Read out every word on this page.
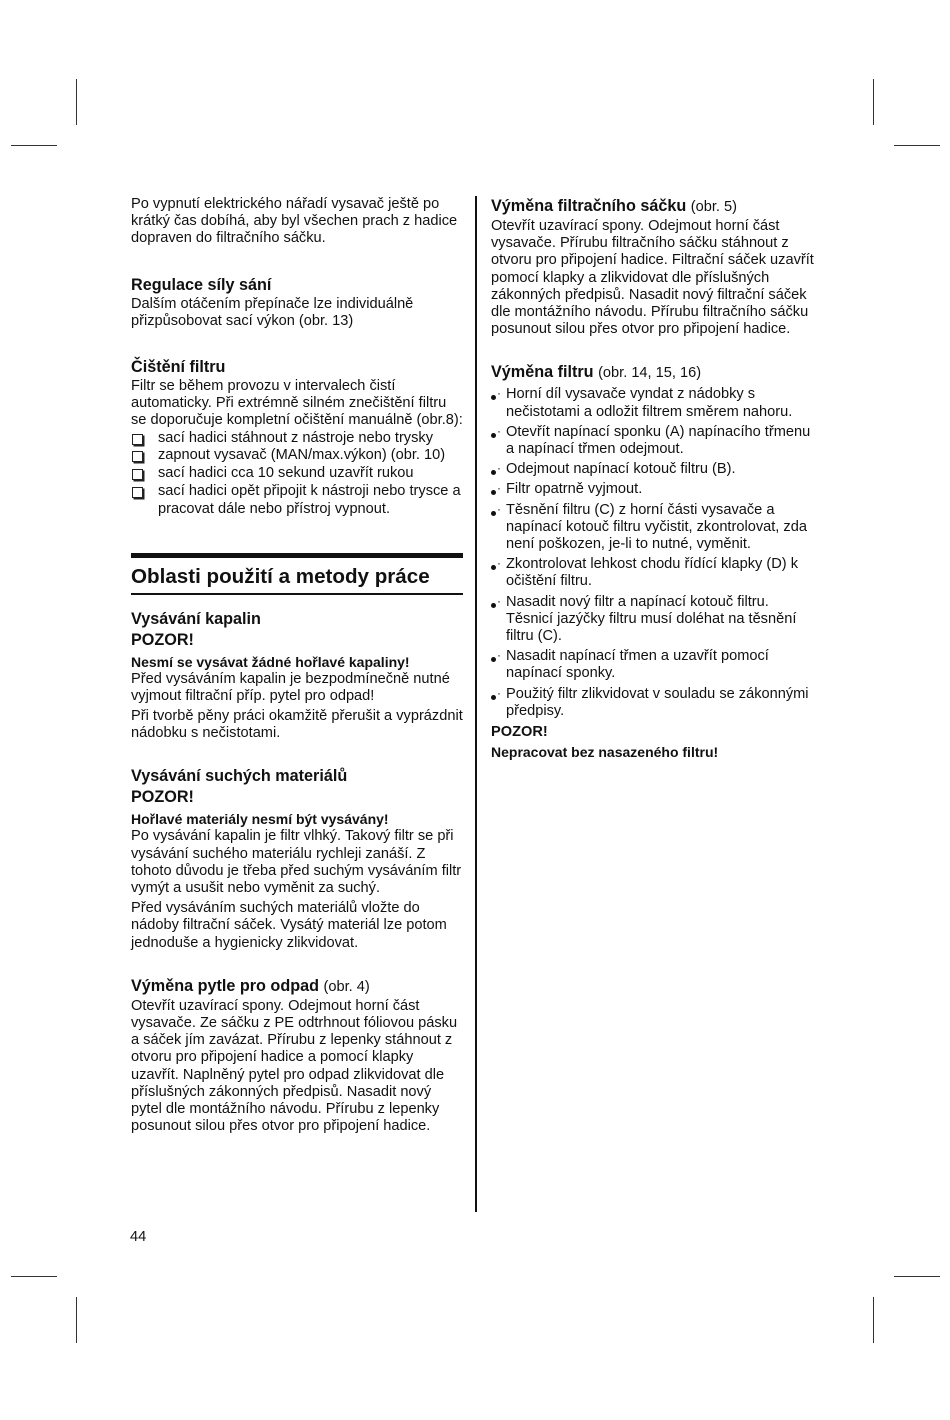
Po vypnutí elektrického nářadí vysavač ještě po krátký čas dobíhá, aby byl všechen prach z hadice dopraven do filtračního sáčku.

Regulace síly sání

Dalším otáčením přepínače lze individuálně přizpůsobovat sací výkon (obr. 13)

Čištění filtru

Filtr se během provozu v intervalech čistí automaticky. Při extrémně silném znečištění filtru se doporučuje kompletní očištění manuálně (obr.8):

sací hadici stáhnout z nástroje nebo trysky
zapnout vysavač (MAN/max.výkon) (obr. 10)
sací hadici cca 10 sekund uzavřít rukou
sací hadici opět připojit k nástroji nebo trysce a pracovat dále nebo přístroj vypnout.
Oblasti použití a metody práce
Vysávání kapalin
POZOR!

Nesmí se vysávat žádné hořlavé kapaliny!

Před vysáváním kapalin je bezpodmínečně nutné vyjmout filtrační příp. pytel pro odpad!

Při tvorbě pěny práci okamžitě přerušit a vyprázdnit nádobku s nečistotami.

Vysávání suchých materiálů
POZOR!

Hořlavé materiály nesmí být vysávány!

Po vysávání kapalin je filtr vlhký. Takový filtr se při vysávání suchého materiálu rychleji zanáší. Z tohoto důvodu je třeba před suchým vysáváním filtr vymýt a usušit nebo vyměnit za suchý.

Před vysáváním suchých materiálů vložte do nádoby filtrační sáček. Vysátý materiál lze potom jednoduše a hygienicky zlikvidovat.

Výměna pytle pro odpad (obr. 4)

Otevřít uzavírací spony. Odejmout horní část vysavače. Ze sáčku z PE odtrhnout fóliovou pásku a sáček jím zavázat. Přírubu z lepenky stáhnout z otvoru pro připojení hadice a pomocí klapky uzavřít. Naplněný pytel pro odpad zlikvidovat dle příslušných zákonných předpisů. Nasadit nový pytel dle montážního návodu. Přírubu z lepenky posunout silou přes otvor pro připojení hadice.

Výměna filtračního sáčku (obr. 5)

Otevřít uzavírací spony. Odejmout horní část vysavače. Přírubu filtračního sáčku stáhnout z otvoru pro připojení hadice. Filtrační sáček uzavřít pomocí klapky a zlikvidovat dle příslušných zákonných předpisů. Nasadit nový filtrační sáček dle montážního návodu. Přírubu filtračního sáčku posunout silou přes otvor pro připojení hadice.

Výměna filtru (obr. 14, 15, 16)
· Horní díl vysavače vyndat z nádobky s nečistotami a odložit filtrem směrem nahoru.
· Otevřít napínací sponku (A) napínacího třmenu a napínací třmen odejmout.
· Odejmout napínací kotouč filtru (B).
· Filtr opatrně vyjmout.
· Těsnění filtru (C) z horní části vysavače a napínací kotouč filtru vyčistit, zkontrolovat, zda není poškozen, je-li to nutné, vyměnit.
· Zkontrolovat lehkost chodu řídící klapky (D) k očištění filtru.
· Nasadit nový filtr a napínací kotouč filtru. Těsnicí jazýčky filtru musí doléhat na těsnění filtru (C).
· Nasadit napínací třmen a uzavřít pomocí napínací sponky.
· Použitý filtr zlikvidovat v souladu se zákonnými předpisy.
POZOR!

Nepracovat bez nasazeného filtru!

44
